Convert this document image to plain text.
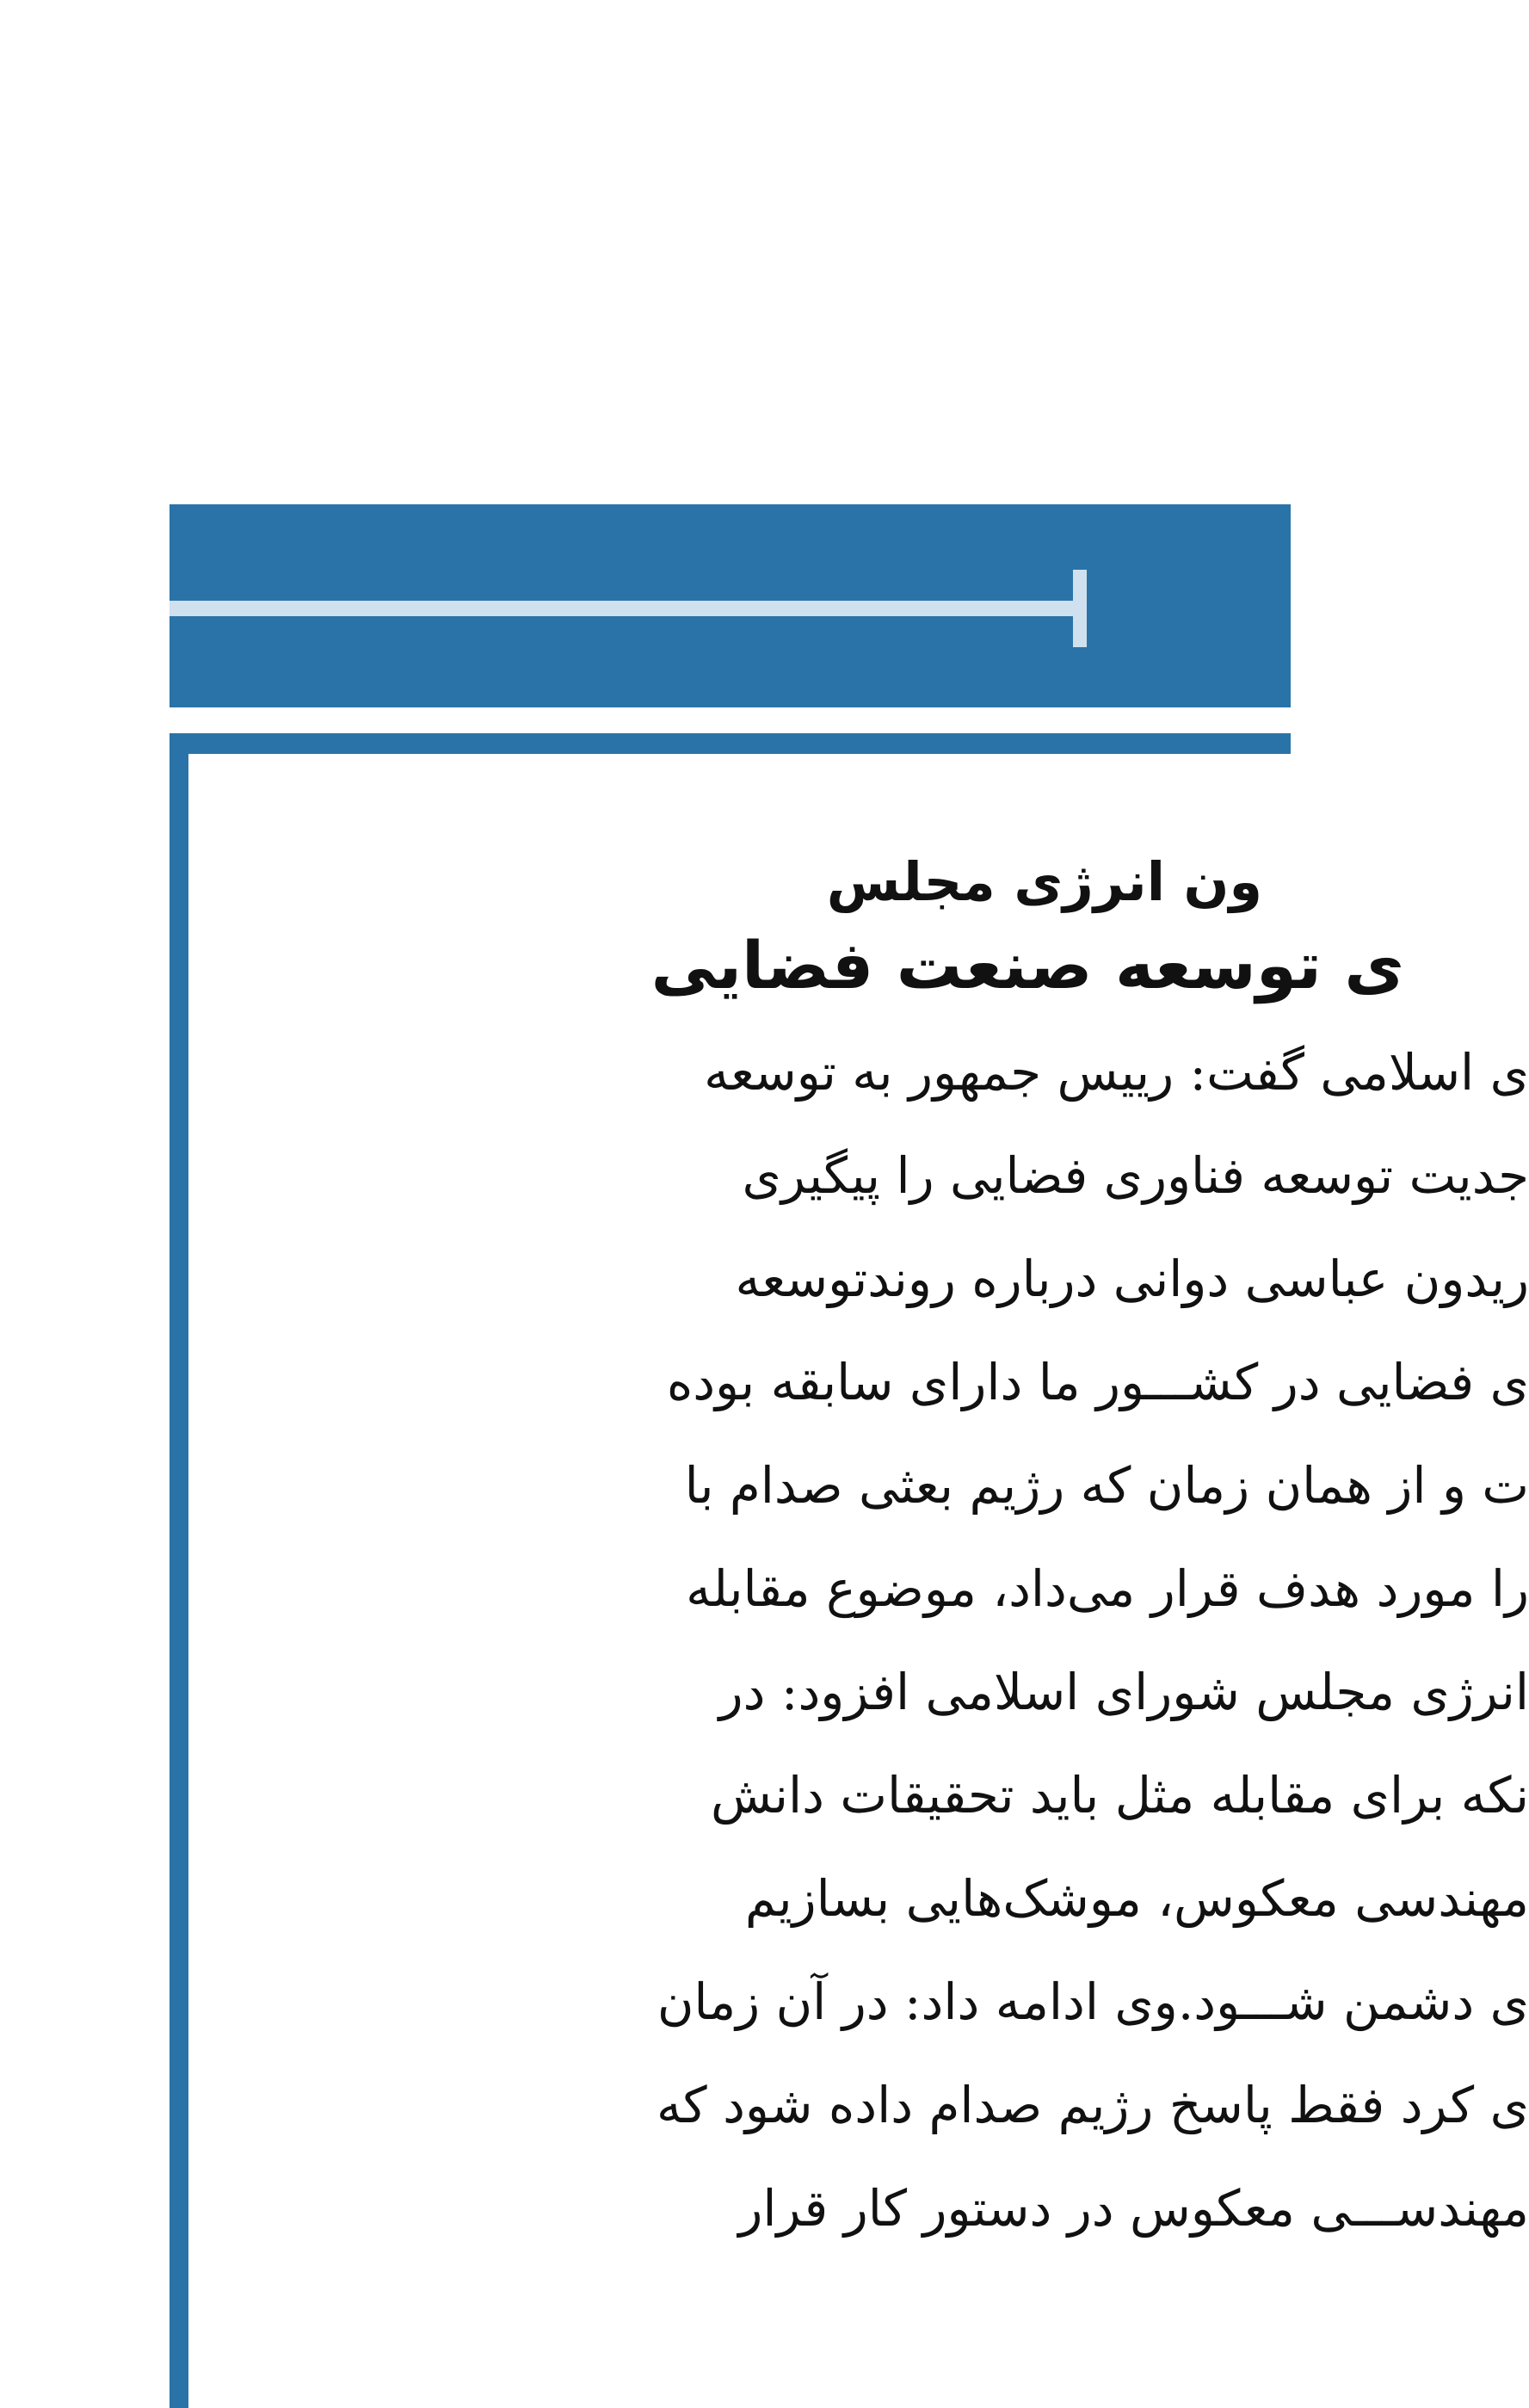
ون انرژی مجلس
ی توسعه صنعت فضایی
ی اسلامی گفت: رییس جمهور به توسعه
جدیت توسعه فناوری فضایی را پیگیری
ریدون عباسی دوانی درباره روندتوسعه
ی فضایی در کشـــور ما دارای سابقه بوده
ت و از همان زمان که رژیم بعثی صدام با
را مورد هدف قرار می‌داد، موضوع مقابله
انرژی مجلس شورای اسلامی افزود: در
نکه برای مقابله مثل باید تحقیقات دانش
مهندسی معکوس، موشک‌هایی بسازیم
ی دشمن شـــود.وی ادامه داد: در آن زمان
ی کرد فقط پاسخ رژیم صدام داده شود که
مهندســـی معکوس در دستور کار قرار
